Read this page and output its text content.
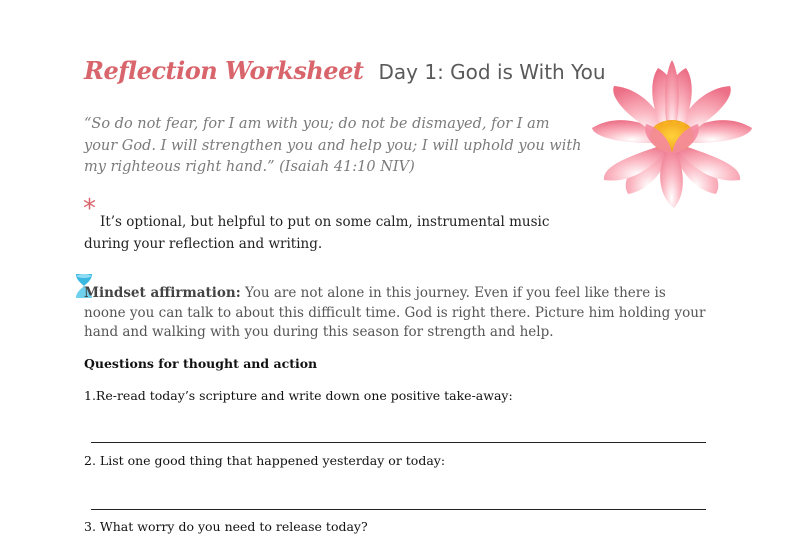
Reflection Worksheet Day 1: God is With You
“So do not fear, for I am with you; do not be dismayed, for I am your God. I will strengthen you and help you; I will uphold you with my righteous right hand.” (Isaiah 41:10 NIV)
* It’s optional, but helpful to put on some calm, instrumental music during your reflection and writing.
Mindset affirmation: You are not alone in this journey. Even if you feel like there is noone you can talk to about this difficult time. God is right there. Picture him holding your hand and walking with you during this season for strength and help.
Questions for thought and action
1.Re-read today’s scripture and write down one positive take-away:
2. List one good thing that happened yesterday or today:
3. What worry do you need to release today?
